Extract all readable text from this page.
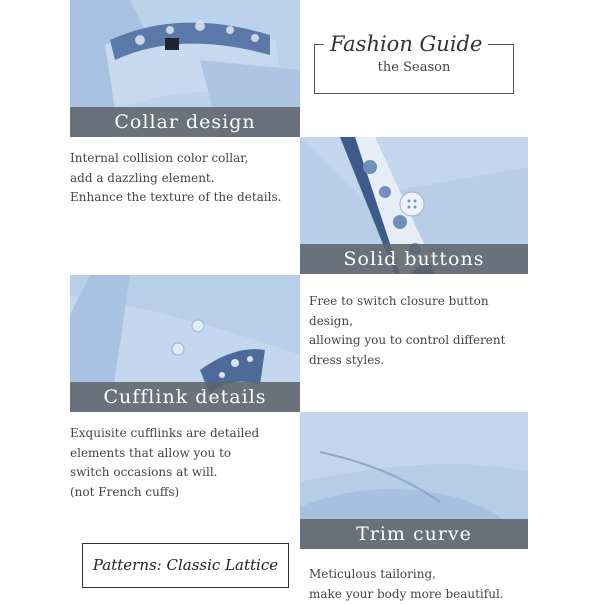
Fashion Guide
the Season
Collar design
Internal collision color collar,
add a dazzling element.
Enhance the texture of the details.
Solid buttons
Free to switch closure button
design,
allowing you to control different
dress styles.
Cufflink details
Exquisite cufflinks are detailed
elements that allow you to
switch occasions at will.
(not French cuffs)
Trim curve
Meticulous tailoring,
make your body more beautiful.
Patterns: Classic Lattice
